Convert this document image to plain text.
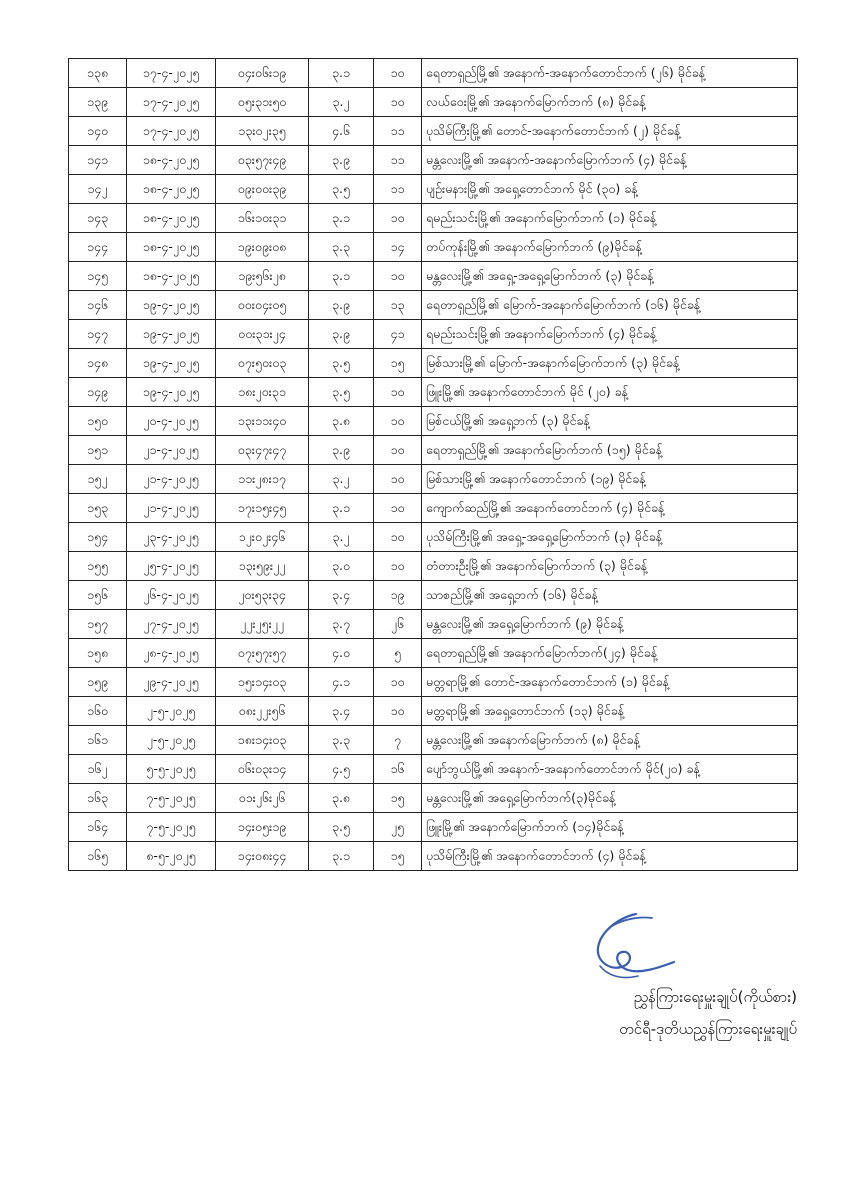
၁၃၈	၁၇-၄-၂၀၂၅	၀၄း၀၆း၁၉	၃.၁	၁၀	ရေတာရှည်မြို့၏ အနောက်-အနောက်တောင်ဘက် (၂၆) မိုင်ခန့်
၁၃၉	၁၇-၄-၂၀၂၅	၀၅း၃၁း၅၀	၃.၂	၁၀	လယ်ဝေးမြို့၏ အနောက်မြောက်ဘက် (၈) မိုင်ခန့်
၁၄၀	၁၇-၄-၂၀၂၅	၁၃း၀၂း၃၅	၄.၆	၁၁	ပုသိမ်ကြီးမြို့၏ တောင်-အနောက်တောင်ဘက် (၂) မိုင်ခန့်
၁၄၁	၁၈-၄-၂၀၂၅	၀၃း၅၇း၄၉	၃.၉	၁၁	မန္တလေးမြို့၏ အနောက်-အနောက်မြောက်ဘက် (၄) မိုင်ခန့်
၁၄၂	၁၈-၄-၂၀၂၅	၀၉း၀၀း၃၉	၃.၅	၁၁	ပျဉ်းမနားမြို့၏ အရှေ့တောင်ဘက် မိုင် (၃၀) ခန့်
၁၄၃	၁၈-၄-၂၀၂၅	၁၆း၁၀း၃၁	၃.၁	၁၀	ရမည်းသင်းမြို့၏ အနောက်မြောက်ဘက် (၁) မိုင်ခန့်
၁၄၄	၁၈-၄-၂၀၂၅	၁၉း၀၉း၀၈	၃.၃	၁၄	တပ်ကုန်းမြို့၏ အနောက်မြောက်ဘက် (၉)မိုင်ခန့်
၁၄၅	၁၈-၄-၂၀၂၅	၁၉း၅၆း၂၈	၃.၁	၁၀	မန္တလေးမြို့၏ အရှေ့-အရှေ့မြောက်ဘက် (၃) မိုင်ခန့်
၁၄၆	၁၉-၄-၂၀၂၅	၀၀း၀၄း၀၅	၃.၉	၁၃	ရေတာရှည်မြို့၏ မြောက်-အနောက်မြောက်ဘက် (၁၆) မိုင်ခန့်
၁၄၇	၁၉-၄-၂၀၂၅	၀၀း၃၁း၂၄	၃.၉	၄၁	ရမည်းသင်းမြို့၏ အနောက်မြောက်ဘက် (၄) မိုင်ခန့်
၁၄၈	၁၉-၄-၂၀၂၅	၀၇း၅၀း၀၃	၃.၅	၁၅	မြစ်သားမြို့၏ မြောက်-အနောက်မြောက်ဘက် (၃) မိုင်ခန့်
၁၄၉	၁၉-၄-၂၀၂၅	၁၈း၂၀း၃၁	၃.၅	၁၀	ဖြူးမြို့၏ အနောက်တောင်ဘက် မိုင် (၂၀) ခန့်
၁၅၀	၂၀-၄-၂၀၂၅	၁၃း၁၁း၄၀	၃.၈	၁၀	မြစ်ငယ်မြို့၏ အရှေ့ဘက် (၃) မိုင်ခန့်
၁၅၁	၂၁-၄-၂၀၂၅	၀၃း၄၇း၄၇	၃.၉	၁၀	ရေတာရှည်မြို့၏ အနောက်မြောက်ဘက် (၁၅) မိုင်ခန့်
၁၅၂	၂၁-၄-၂၀၂၅	၁၁း၂၈း၁၇	၃.၂	၁၀	မြစ်သားမြို့၏ အနောက်တောင်ဘက် (၁၉) မိုင်ခန့်
၁၅၃	၂၁-၄-၂၀၂၅	၁၇း၁၅း၄၅	၃.၁	၁၀	ကျောက်ဆည်မြို့၏ အနောက်တောင်ဘက် (၄) မိုင်ခန့်
၁၅၄	၂၃-၄-၂၀၂၅	၁၂း၀၂း၄၆	၃.၂	၁၀	ပုသိမ်ကြီးမြို့၏ အရှေ့-အရှေ့မြောက်ဘက် (၃) မိုင်ခန့်
၁၅၅	၂၅-၄-၂၀၂၅	၁၃း၅၉း၂၂	၃.၀	၁၀	တံတားဦးမြို့၏ အနောက်မြောက်ဘက် (၃) မိုင်ခန့်
၁၅၆	၂၆-၄-၂၀၂၅	၂၀း၅၃း၃၄	၃.၄	၁၉	သာစည်မြို့၏ အရှေ့ဘက် (၁၆) မိုင်ခန့်
၁၅၇	၂၇-၄-၂၀၂၅	၂၂း၂၅း၂၂	၃.၇	၂၆	မန္တလေးမြို့၏ အရှေ့မြောက်ဘက် (၉) မိုင်ခန့်
၁၅၈	၂၈-၄-၂၀၂၅	၀၇း၅၇း၅၇	၄.၀	၅	ရေတာရှည်မြို့၏ အနောက်မြောက်ဘက်(၂၄) မိုင်ခန့်
၁၅၉	၂၉-၄-၂၀၂၅	၁၅း၁၄း၀၃	၄.၁	၁၀	မတ္တရာမြို့၏ တောင်-အနောက်တောင်ဘက် (၁) မိုင်ခန့်
၁၆၀	၂-၅-၂၀၂၅	၀၈း၂၂း၅၆	၃.၄	၁၀	မတ္တရာမြို့၏ အရှေ့တောင်ဘက် (၁၃) မိုင်ခန့်
၁၆၁	၂-၅-၂၀၂၅	၁၈း၁၄း၀၃	၃.၃	၇	မန္တလေးမြို့၏ အနောက်မြောက်ဘက် (၈) မိုင်ခန့်
၁၆၂	၅-၅-၂၀၂၅	၀၆း၀၃း၁၄	၄.၅	၁၆	ပျော်ဘွယ်မြို့၏ အနောက်-အနောက်တောင်ဘက် မိုင်(၂၀) ခန့်
၁၆၃	၇-၅-၂၀၂၅	၀၁း၂၆း၂၆	၃.၈	၁၅	မန္တလေးမြို့၏ အရှေ့မြောက်ဘက်(၃)မိုင်ခန့်
၁၆၄	၇-၅-၂၀၂၅	၁၄း၀၅း၁၉	၃.၅	၂၅	ဖြူးမြို့၏ အနောက်မြောက်ဘက် (၁၄)မိုင်ခန့်
၁၆၅	၈-၅-၂၀၂၅	၁၄း၀၈း၄၄	၃.၁	၁၅	ပုသိမ်ကြီးမြို့၏ အနောက်တောင်ဘက် (၄) မိုင်ခန့်
ညွှန်ကြားရေးမှူးချုပ်(ကိုယ်စား)
တင်ရီ-ဒုတိယညွှန်ကြားရေးမှူးချုပ်
